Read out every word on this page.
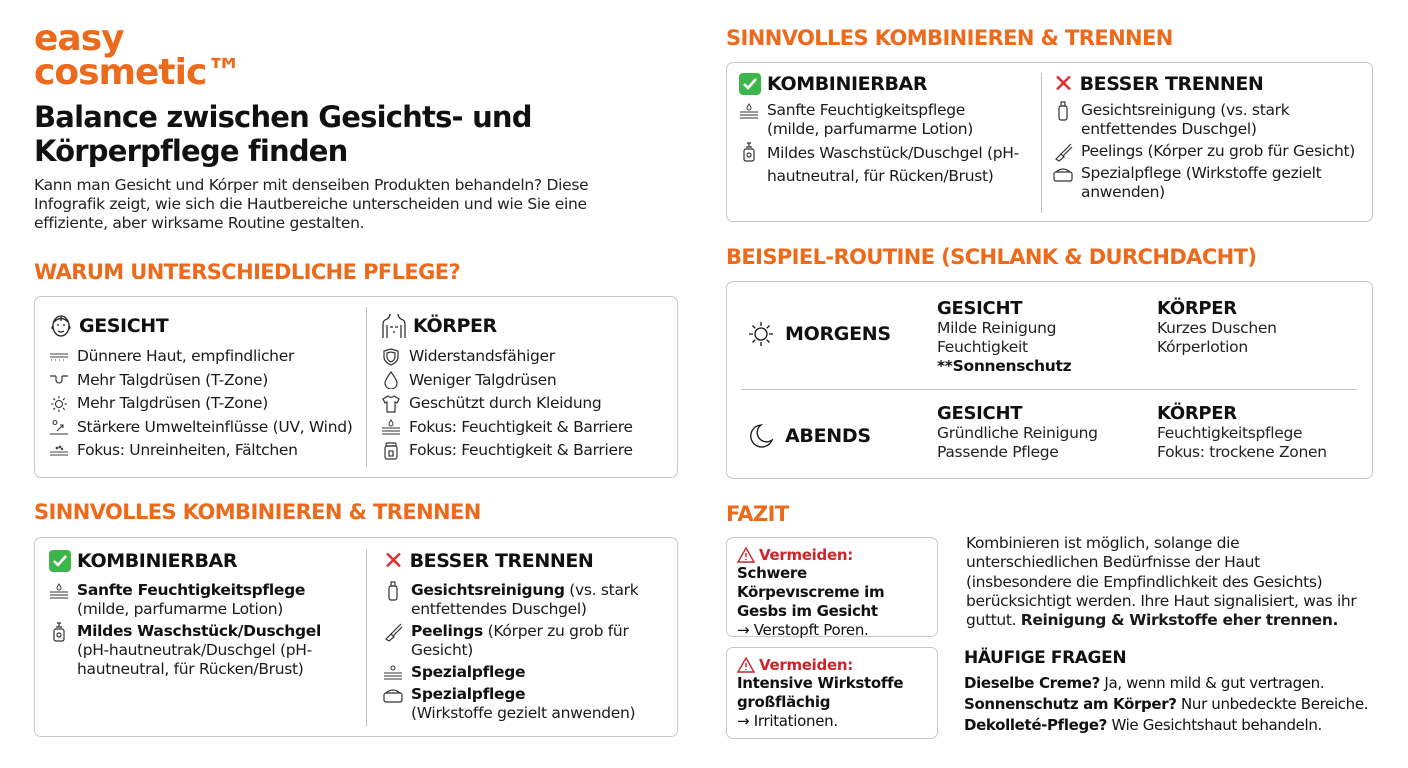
easy
cosmetic™
Balance zwischen Gesichts- und Körperpflege finden
Kann man Gesicht und Kórper mit denseiben Produkten behandeln? Diese Infografik zeigt, wie sich die Hautbereiche unterscheiden und wie Sie eine effiziente, aber wirksame Routine gestalten.
WARUM UNTERSCHIEDLICHE PFLEGE?
GESICHT
Dünnere Haut, empfindlicher
Mehr Talgdrüsen (T-Zone)
Mehr Talgdrüsen (T-Zone)
Stärkere Umwelteinflüsse (UV, Wind)
Fokus: Unreinheiten, Fältchen
KÖRPER
Widerstandsfähiger
Weniger Talgdrüsen
Geschützt durch Kleidung
Fokus: Feuchtigkeit & Barriere
Fokus: Feuchtigkeit & Barriere
SINNVOLLES KOMBINIEREN & TRENNEN
KOMBINIERBAR
Sanfte Feuchtigkeitspflege
(milde, parfumarme Lotion)
Mildes Waschstück/Duschgel
(pH-hautneutrak/Duschgel (pH-hautneutral, für Rücken/Brust)
✕ BESSER TRENNEN
Gesichtsreinigung (vs. stark entfettendes Duschgel)
Peelings (Kórper zu grob für Gesicht)
Spezialpflege
Spezialpflege
(Wirkstoffe gezielt anwenden)
SINNVOLLES KOMBINIEREN & TRENNEN
KOMBINIERBAR
Sanfte Feuchtigkeitspflege (milde, parfumarme Lotion)
Mildes Waschstück/Duschgel (pH-hautneutral, für Rücken/Brust)
✕ BESSER TRENNEN
Gesichtsreinigung (vs. stark entfettendes Duschgel)
Peelings (Kórper zu grob für Gesicht)
Spezialpflege (Wirkstoffe gezielt anwenden)
BEISPIEL-ROUTINE (SCHLANK & DURCHDACHT)
MORGENS
GESICHT
Milde Reinigung
Feuchtigkeit
**Sonnenschutz
KÖRPER
Kurzes Duschen
Kórperlotion
ABENDS
GESICHT
Gründliche Reinigung
Passende Pflege
KÖRPER
Feuchtigkeitspflege
Fokus: trockene Zonen
FAZIT
Vermeiden:
Schwere Körpevıscreme im Gesbs im Gesicht
→ Verstopft Poren.
Vermeiden:
Intensive Wirkstoffe großflächig
→ Irritationen.
Kombinieren ist möglich, solange die unterschiedlichen Bedürfnisse der Haut (insbesondere die Empfindlichkeit des Gesichts) berücksichtigt werden. Ihre Haut signalisiert, was ihr guttut. Reinigung & Wirkstoffe eher trennen.
HÄUFIGE FRAGEN
Dieselbe Creme? Ja, wenn mild & gut vertragen.
Sonnenschutz am Körper? Nur unbedeckte Bereiche.
Dekolleté-Pflege? Wie Gesichtshaut behandeln.
